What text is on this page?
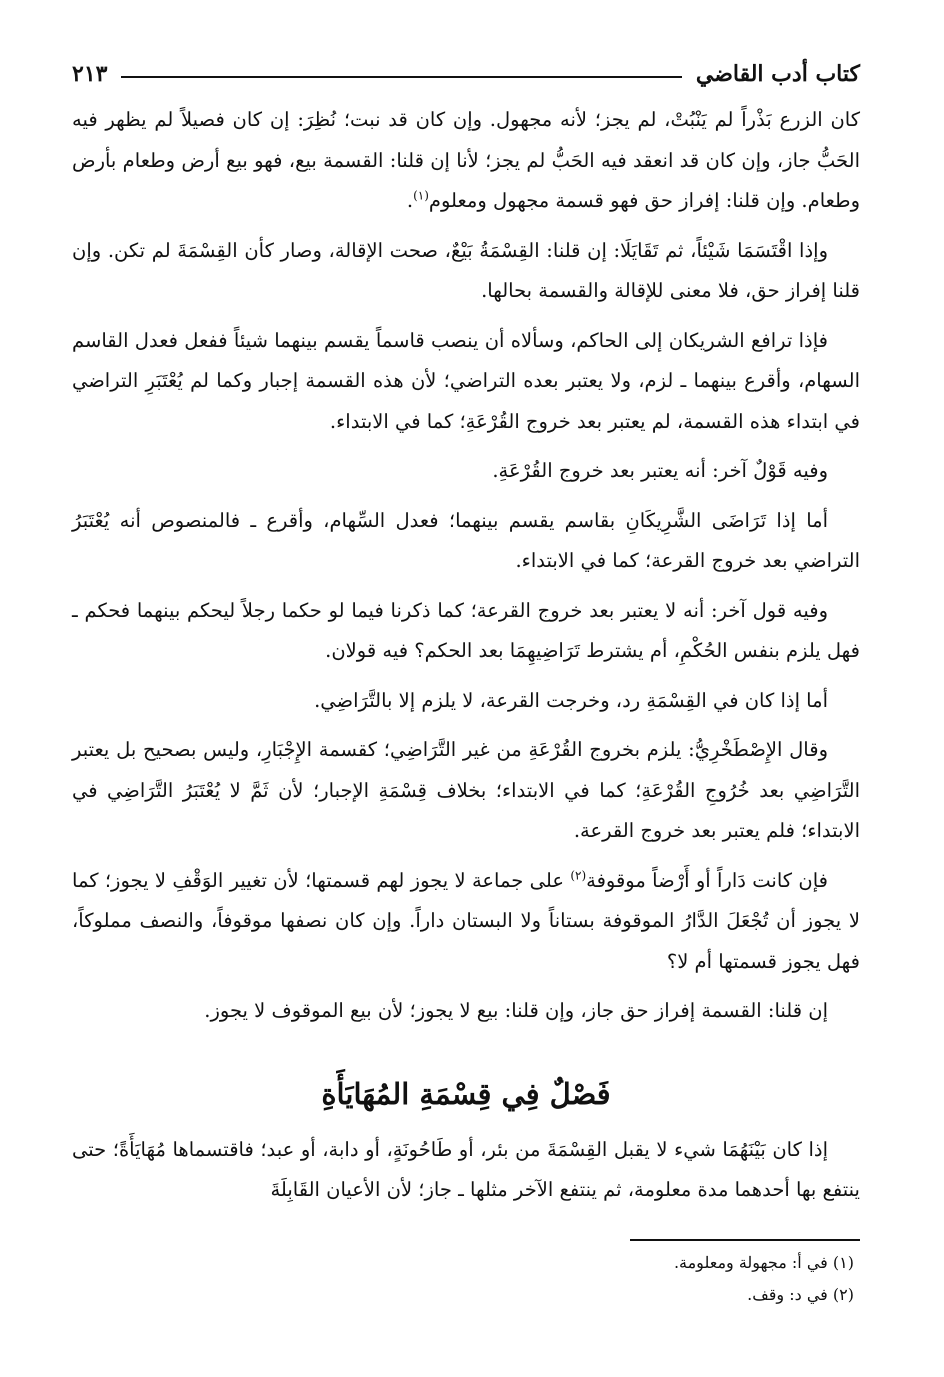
كتاب أدب القاضي
٢١٣

كان الزرع بَذْراً لم يَنْبُتْ، لم يجز؛ لأنه مجهول. وإن كان قد نبت؛ نُظِرَ: إن كان فصيلاً لم يظهر فيه الحَبُّ جاز، وإن كان قد انعقد فيه الحَبُّ لم يجز؛ لأنا إن قلنا: القسمة بيع، فهو بيع أرض وطعام بأرض وطعام. وإن قلنا: إفراز حق فهو قسمة مجهول ومعلوم$^{(١)}$.

وإذا اقْتَسَمَا شَيْئاً، ثم تَقَايَلَا: إن قلنا: القِسْمَةُ بَيْعٌ، صحت الإقالة، وصار كأن القِسْمَةَ لم تكن. وإن قلنا إفراز حق، فلا معنى للإقالة والقسمة بحالها.

فإذا ترافع الشريكان إلى الحاكم، وسألاه أن ينصب قاسماً يقسم بينهما شيئاً ففعل فعدل القاسم السهام، وأقرع بينهما ـ لزم، ولا يعتبر بعده التراضي؛ لأن هذه القسمة إجبار وكما لم يُعْتَبَرِ التراضي في ابتداء هذه القسمة، لم يعتبر بعد خروج القُرْعَةِ؛ كما في الابتداء.

وفيه قَوْلٌ آخر: أنه يعتبر بعد خروج القُرْعَةِ.

أما إذا تَرَاضَى الشَّرِيكَانِ بقاسم يقسم بينهما؛ فعدل السِّهام، وأقرع ـ فالمنصوص أنه يُعْتَبَرُ التراضي بعد خروج القرعة؛ كما في الابتداء.

وفيه قول آخر: أنه لا يعتبر بعد خروج القرعة؛ كما ذكرنا فيما لو حكما رجلاً ليحكم بينهما فحكم ـ فهل يلزم بنفس الحُكْمِ، أم يشترط تَرَاضِيهِمَا بعد الحكم؟ فيه قولان.

أما إذا كان في القِسْمَةِ رد، وخرجت القرعة، لا يلزم إلا بالتَّرَاضِي.

وقال الإِصْطَخْرِيُّ: يلزم بخروج القُرْعَةِ من غير التَّرَاضِي؛ كقسمة الإِجْبَارِ، وليس بصحيح بل يعتبر التَّرَاضِي بعد خُرُوجِ القُرْعَةِ؛ كما في الابتداء؛ بخلاف قِسْمَةِ الإجبار؛ لأن ثَمَّ لا يُعْتَبَرُ التَّرَاضِي في الابتداء؛ فلم يعتبر بعد خروج القرعة.

فإن كانت دَاراً أو أَرْضاً موقوفة$^{(٢)}$ على جماعة لا يجوز لهم قسمتها؛ لأن تغيير الوَقْفِ لا يجوز؛ كما لا يجوز أن تُجْعَلَ الدَّارُ الموقوفة بستاناً ولا البستان داراً. وإن كان نصفها موقوفاً، والنصف مملوكاً، فهل يجوز قسمتها أم لا؟

إن قلنا: القسمة إفراز حق جاز، وإن قلنا: بيع لا يجوز؛ لأن بيع الموقوف لا يجوز.

فَصْلٌ فِي قِسْمَةِ المُهَايَأَةِ

إذا كان بَيْنَهُمَا شيء لا يقبل القِسْمَةَ من بئر، أو طَاحُونَةٍ، أو دابة، أو عبد؛ فاقتسماها مُهَايَأَةً؛ حتى ينتفع بها أحدهما مدة معلومة، ثم ينتفع الآخر مثلها ـ جاز؛ لأن الأعيان القَابِلَةَ

(١) في أ: مجهولة ومعلومة.

(٢) في د: وقف.
